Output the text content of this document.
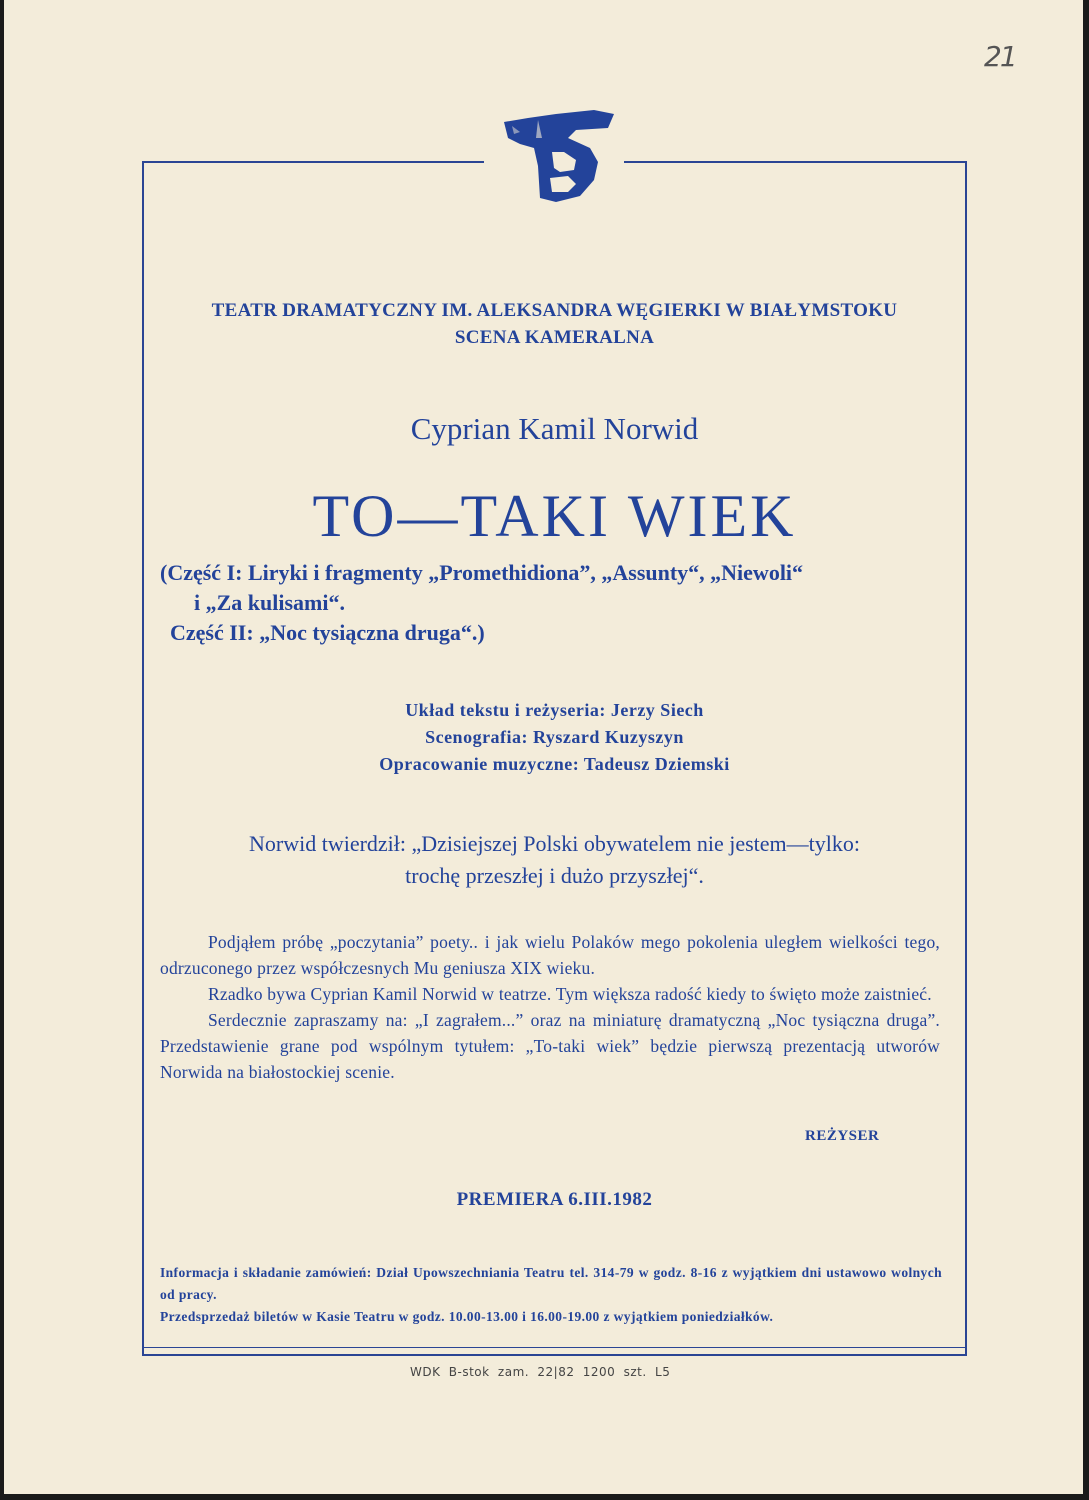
21
TEATR DRAMATYCZNY IM. ALEKSANDRA WĘGIERKI W BIAŁYMSTOKU
SCENA KAMERALNA
Cyprian Kamil Norwid
TO—TAKI WIEK
(Część I: Liryki i fragmenty „Promethidiona”, „Assunty“, „Niewoli“
i „Za kulisami“.
Część II: „Noc tysiączna druga“.)
Układ tekstu i reżyseria: Jerzy Siech
Scenografia: Ryszard Kuzyszyn
Opracowanie muzyczne: Tadeusz Dziemski
Norwid twierdził: „Dzisiejszej Polski obywatelem nie jestem—tylko:
trochę przeszłej i dużo przyszłej“.

Podjąłem próbę „poczytania” poety.. i jak wielu Polaków mego pokolenia uległem wielkości tego, odrzuconego przez współczesnych Mu geniusza XIX wieku.

Rzadko bywa Cyprian Kamil Norwid w teatrze. Tym większa radość kiedy to święto może zaistnieć.

Serdecznie zapraszamy na: „I zagrałem...” oraz na miniaturę dramatyczną „Noc tysiączna druga”. Przedstawienie grane pod wspólnym tytułem: „To-taki wiek” będzie pierwszą prezentacją utworów Norwida na białostockiej scenie.

REŻYSER
PREMIERA 6.III.1982

Informacja i składanie zamówień: Dział Upowszechniania Teatru tel. 314-79 w godz. 8-16 z wyjątkiem dni ustawowo wolnych od pracy.

Przedsprzedaż biletów w Kasie Teatru w godz. 10.00-13.00 i 16.00-19.00 z wyjątkiem poniedziałków.

WDK B-stok zam. 22|82 1200 szt. L5
